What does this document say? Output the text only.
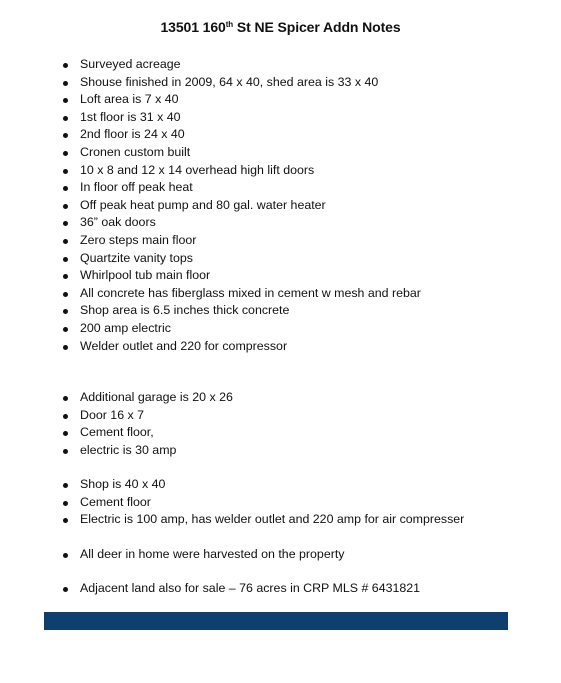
13501 160th St NE Spicer Addn Notes
Surveyed acreage
Shouse finished in 2009, 64 x 40, shed area is 33 x 40
Loft area is 7 x 40
1st floor is 31 x 40
2nd floor is 24 x 40
Cronen custom built
10 x 8 and 12 x 14 overhead high lift doors
In floor off peak heat
Off peak heat pump and 80 gal. water heater
36” oak doors
Zero steps main floor
Quartzite vanity tops
Whirlpool tub main floor
All concrete has fiberglass mixed in cement w mesh and rebar
Shop area is 6.5 inches thick concrete
200 amp electric
Welder outlet and 220 for compressor
Additional garage is 20 x 26
Door 16 x 7
Cement floor,
electric is 30 amp
Shop is 40 x 40
Cement floor
Electric is 100 amp, has welder outlet and 220 amp for air compresser
All deer in home were harvested on the property
Adjacent land also for sale – 76 acres in CRP MLS # 6431821
